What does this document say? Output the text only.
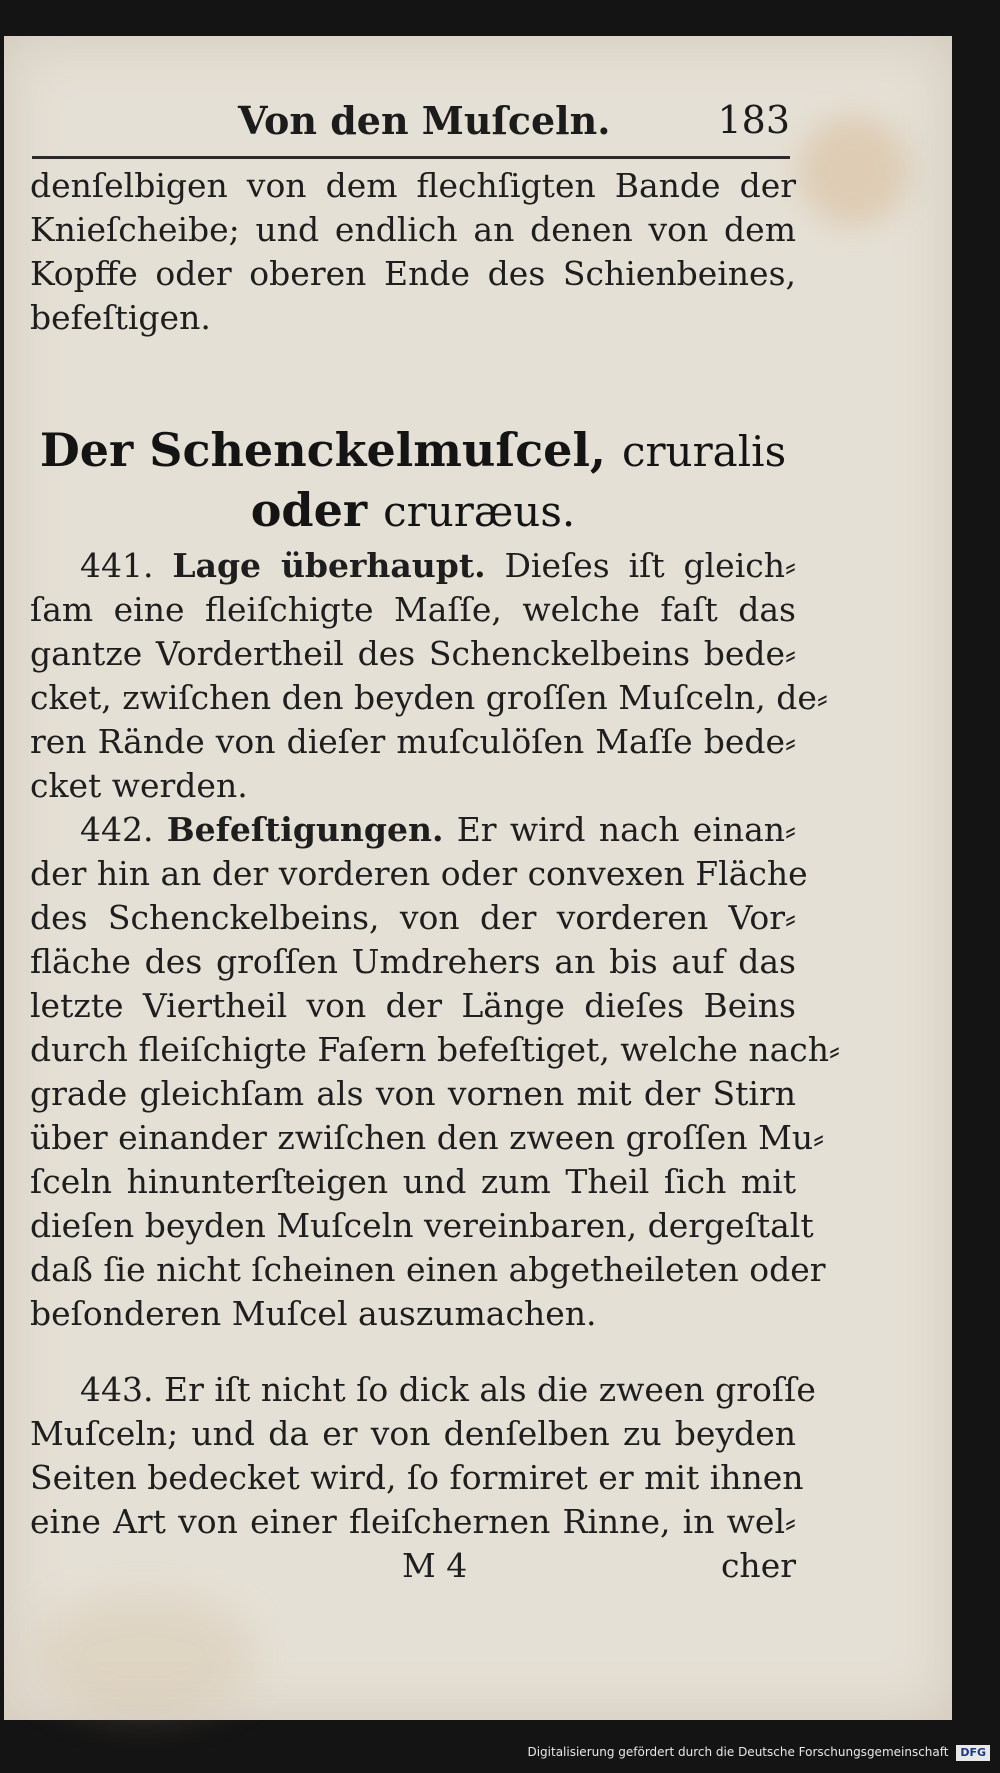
Von den Muſceln.	183
denſelbigen von dem flechſigten Bande der
Knieſcheibe; und endlich an denen von dem
Kopffe oder oberen Ende des Schienbeines,
befeſtigen.
Der Schenckelmuſcel, cruralis
oder cruræus.
441. Lage überhaupt. Dieſes iſt gleich⸗
ſam eine fleiſchigte Maſſe, welche faſt das
gantze Vordertheil des Schenckelbeins bede⸗
cket, zwiſchen den beyden groſſen Muſceln, de⸗
ren Rände von dieſer muſculöſen Maſſe bede⸗
cket werden.
442. Befeſtigungen. Er wird nach einan⸗
der hin an der vorderen oder convexen Fläche
des Schenckelbeins, von der vorderen Vor⸗
fläche des groſſen Umdrehers an bis auf das
letzte Viertheil von der Länge dieſes Beins
durch fleiſchigte Faſern befeſtiget, welche nach⸗
grade gleichſam als von vornen mit der Stirn
über einander zwiſchen den zween groſſen Mu⸗
ſceln hinunterſteigen und zum Theil ſich mit
dieſen beyden Muſceln vereinbaren, dergeſtalt
daß ſie nicht ſcheinen einen abgetheileten oder
beſonderen Muſcel auszumachen.
443. Er iſt nicht ſo dick als die zween groſſe
Muſceln; und da er von denſelben zu beyden
Seiten bedecket wird, ſo formiret er mit ihnen
eine Art von einer fleiſchernen Rinne, in wel⸗
M 4	cher
Digitalisierung gefördert durch die Deutsche Forschungsgemeinschaft DFG
